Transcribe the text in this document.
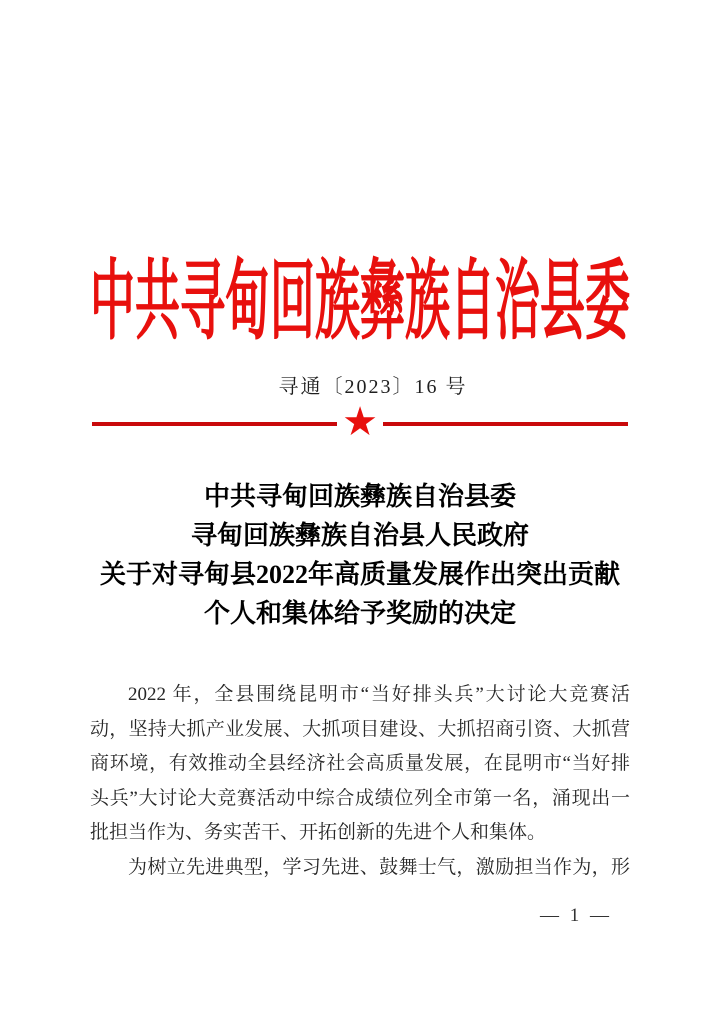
中共寻甸回族彝族自治县委
寻通〔2023〕16 号
★
中共寻甸回族彝族自治县委
寻甸回族彝族自治县人民政府
关于对寻甸县2022年高质量发展作出突出贡献
个人和集体给予奖励的决定
2022 年，全县围绕昆明市“当好排头兵”大讨论大竞赛活
动，坚持大抓产业发展、大抓项目建设、大抓招商引资、大抓营
商环境，有效推动全县经济社会高质量发展，在昆明市“当好排
头兵”大讨论大竞赛活动中综合成绩位列全市第一名，涌现出一
批担当作为、务实苦干、开拓创新的先进个人和集体。
为树立先进典型，学习先进、鼓舞士气，激励担当作为，形
— 1 —
